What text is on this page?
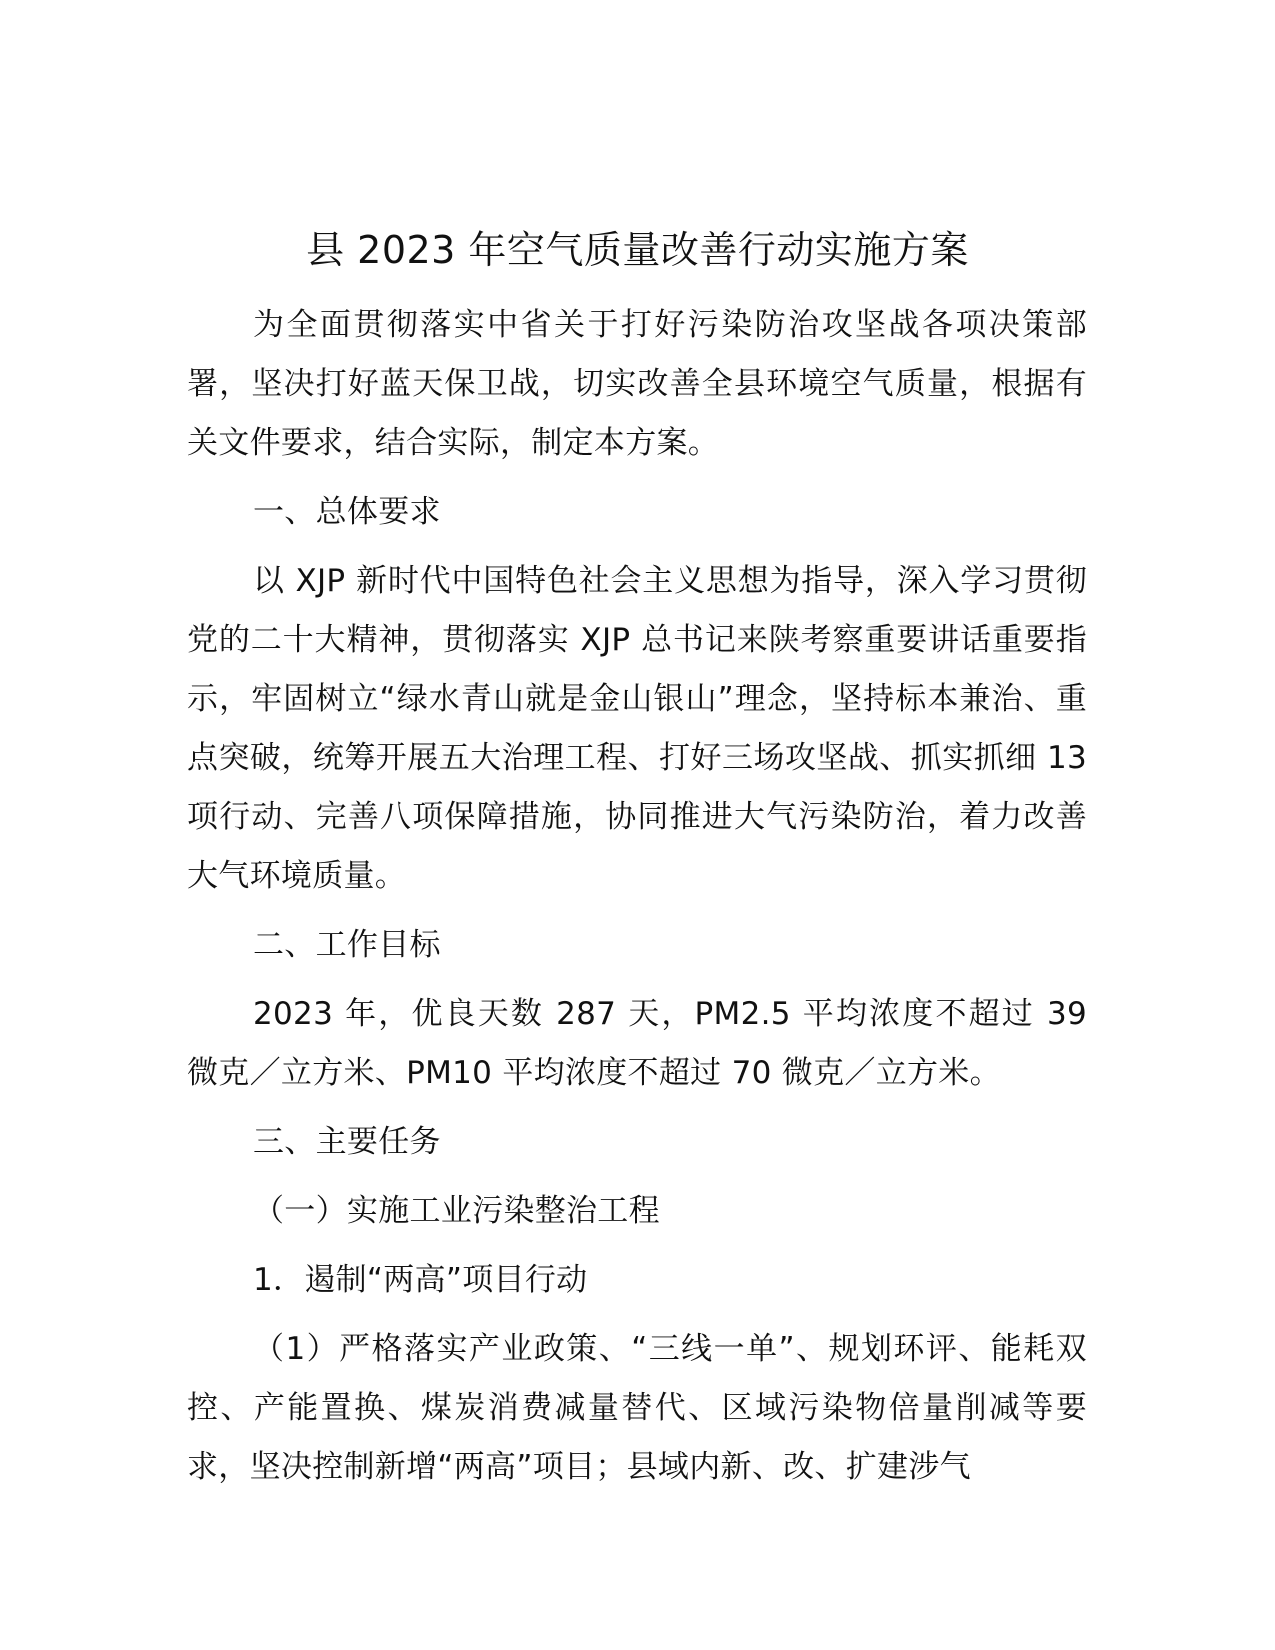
县 2023 年空气质量改善行动实施方案

为全面贯彻落实中省关于打好污染防治攻坚战各项决策部署，坚决打好蓝天保卫战，切实改善全县环境空气质量，根据有关文件要求，结合实际，制定本方案。

一、总体要求

以 XJP 新时代中国特色社会主义思想为指导，深入学习贯彻党的二十大精神，贯彻落实 XJP 总书记来陕考察重要讲话重要指示，牢固树立“绿水青山就是金山银山”理念，坚持标本兼治、重点突破，统筹开展五大治理工程、打好三场攻坚战、抓实抓细 13 项行动、完善八项保障措施，协同推进大气污染防治，着力改善大气环境质量。

二、工作目标

2023 年，优良天数 287 天，PM2.5 平均浓度不超过 39 微克／立方米、PM10 平均浓度不超过 70 微克／立方米。

三、主要任务

（一）实施工业污染整治工程

1．遏制“两高”项目行动

（1）严格落实产业政策、“三线一单”、规划环评、能耗双控、产能置换、煤炭消费减量替代、区域污染物倍量削减等要求，坚决控制新增“两高”项目；县域内新、改、扩建涉气
